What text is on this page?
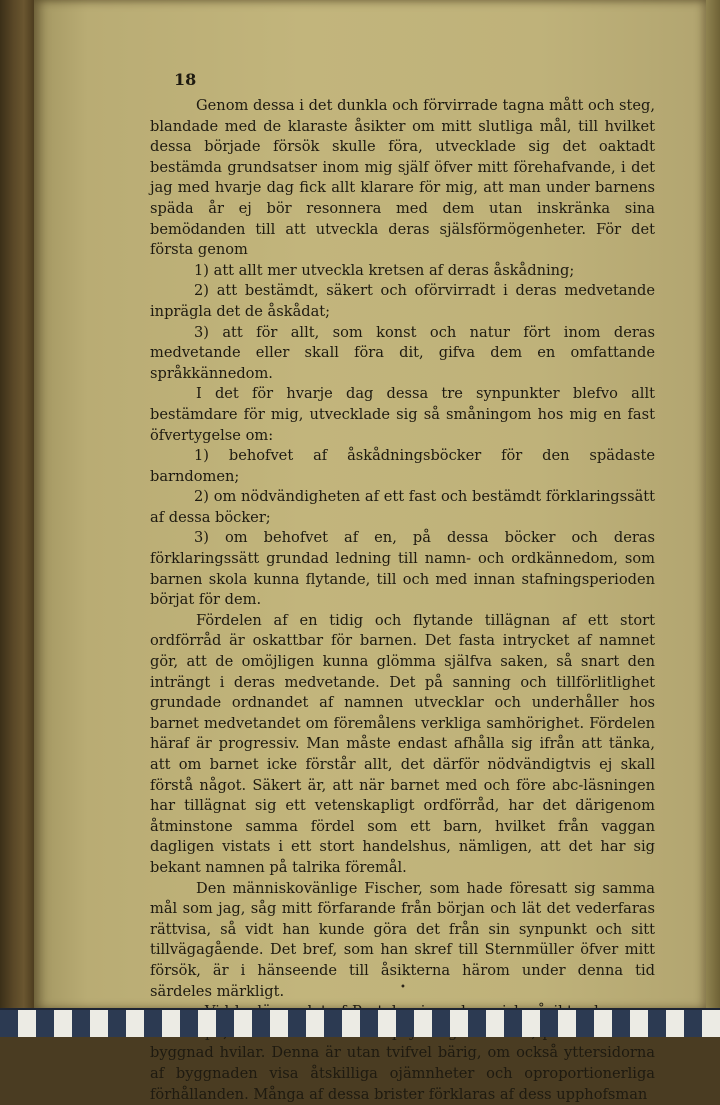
18

Genom dessa i det dunkla och förvirrade tagna mått och steg, blandade med de klaraste åsikter om mitt slutliga mål, till hvilket dessa började försök skulle föra, utvecklade sig det oaktadt bestämda grundsatser inom mig själf öfver mitt förehafvande, i det jag med hvarje dag fick allt klarare för mig, att man under barnens späda år ej bör resonnera med dem utan inskränka sina bemödanden till att utveckla deras själsförmögenheter. För det första genom

1) att allt mer utveckla kretsen af deras åskådning;

2) att bestämdt, säkert och oförvirradt i deras medvetande inprägla det de åskådat;

3) att för allt, som konst och natur fört inom deras medvetande eller skall föra dit, gifva dem en omfattande språkkännedom.

I det för hvarje dag dessa tre synpunkter blefvo allt bestämdare för mig, utvecklade sig så småningom hos mig en fast öfvertygelse om:

1) behofvet af åskådningsböcker för den spädaste barndomen;

2) om nödvändigheten af ett fast och bestämdt förklaringssätt af dessa böcker;

3) om behofvet af en, på dessa böcker och deras förklaringssätt grundad ledning till namn- och ordkännedom, som barnen skola kunna flytande, till och med innan stafningsperioden börjat för dem.

Fördelen af en tidig och flytande tillägnan af ett stort ordförråd är oskattbar för barnen. Det fasta intrycket af namnet gör, att de omöjligen kunna glömma själfva saken, så snart den inträngt i deras medvetande. Det på sanning och tillförlitlighet grundade ordnandet af namnen utvecklar och underhåller hos barnet medvetandet om föremålens verkliga samhörighet. Fördelen häraf är progressiv. Man måste endast afhålla sig ifrån att tänka, att om barnet icke förstår allt, det därför nödvändigtvis ej skall förstå något. Säkert är, att när barnet med och före abc-läsningen har tillägnat sig ett vetenskapligt ordförråd, har det därigenom åtminstone samma fördel som ett barn, hvilket från vaggan dagligen vistats i ett stort handelshus, nämligen, att det har sig bekant namnen på talrika föremål.

Den människovänlige Fischer, som hade föresatt sig samma mål som jag, såg mitt förfarande från början och lät det vederfaras rättvisa, så vidt han kunde göra det från sin synpunkt och sitt tillvägagående. Det bref, som han skref till Sternmüller öfver mitt försök, är i hänseende till åsikterna härom under denna tid särdeles märkligt.

byggnad hvilar. Denna är utan tvifvel bärig, om också yttersidorna af byggnaden visa åtskilliga ojämnheter och oproportionerliga förhållanden. Många af dessa brister förklaras af dess upphofsman

•
